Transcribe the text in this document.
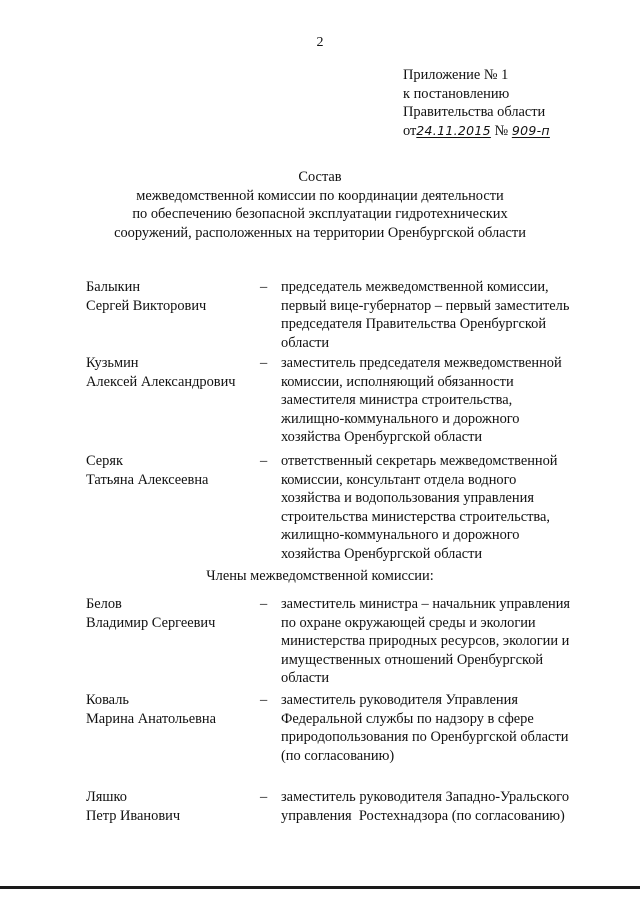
2
Приложение № 1
к постановлению
Правительства области
от24.11.2015 № 909-п
Состав
межведомственной комиссии по координации деятельности
по обеспечению безопасной эксплуатации гидротехнических
сооружений, расположенных на территории Оренбургской области
Балыкин
Сергей Викторович
– председатель межведомственной комиссии,
первый вице-губернатор – первый заместитель
председателя Правительства Оренбургской
области
Кузьмин
Алексей Александрович
– заместитель председателя межведомственной
комиссии, исполняющий обязанности
заместителя министра строительства,
жилищно-коммунального и дорожного
хозяйства Оренбургской области
Серяк
Татьяна Алексеевна
– ответственный секретарь межведомственной
комиссии, консультант отдела водного
хозяйства и водопользования управления
строительства министерства строительства,
жилищно-коммунального и дорожного
хозяйства Оренбургской области
Члены межведомственной комиссии:
Белов
Владимир Сергеевич
– заместитель министра – начальник управления
по охране окружающей среды и экологии
министерства природных ресурсов, экологии и
имущественных отношений Оренбургской
области
Коваль
Марина Анатольевна
– заместитель руководителя Управления
Федеральной службы по надзору в сфере
природопользования по Оренбургской области
(по согласованию)
Ляшко
Петр Иванович
– заместитель руководителя Западно-Уральского
управления  Ростехнадзора (по согласованию)
